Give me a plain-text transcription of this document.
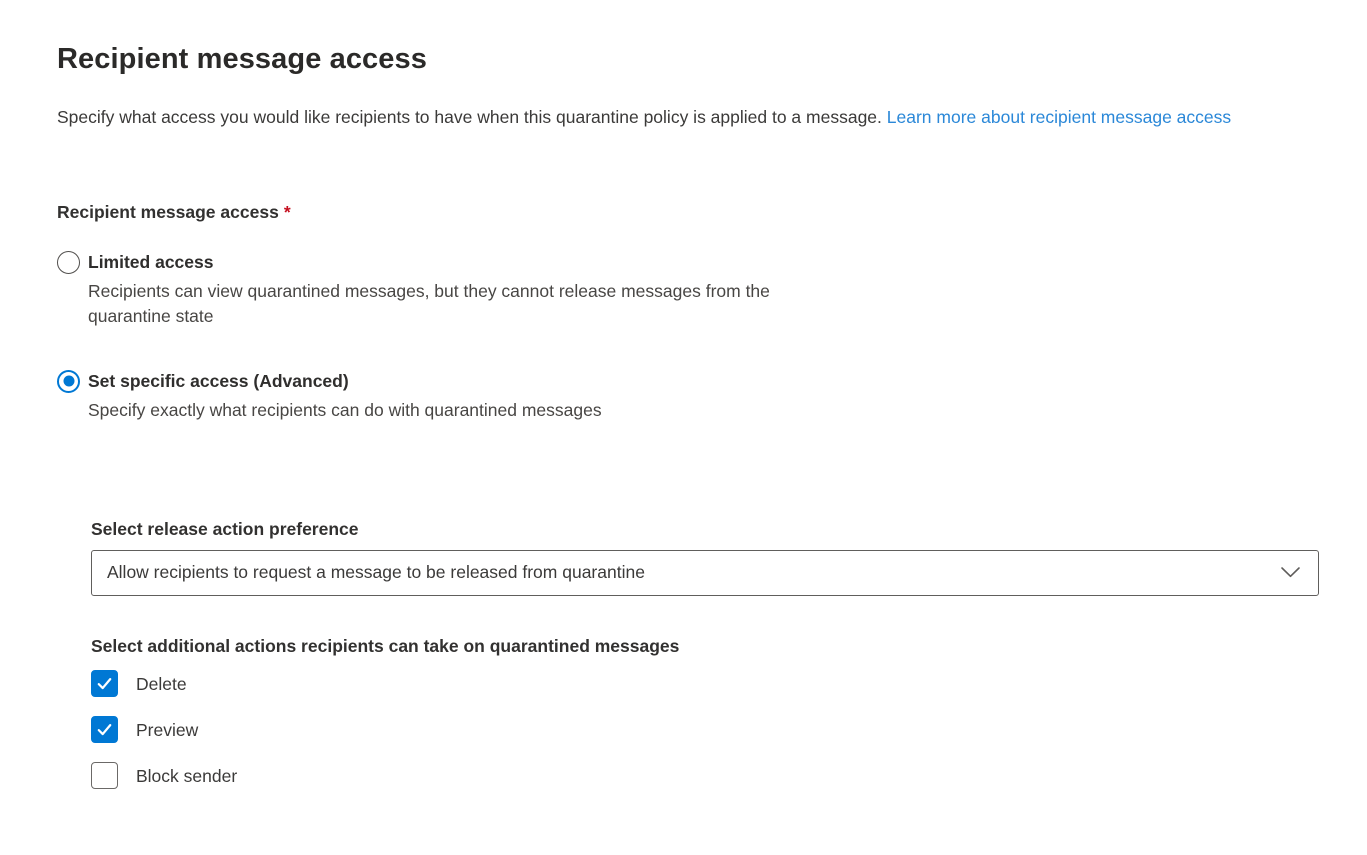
Recipient message access

Specify what access you would like recipients to have when this quarantine policy is applied to a message. Learn more about recipient message access

Recipient message access *
Limited access
Recipients can view quarantined messages, but they cannot release messages from the quarantine state
Set specific access (Advanced)
Specify exactly what recipients can do with quarantined messages
Select release action preference
Allow recipients to request a message to be released from quarantine
Select additional actions recipients can take on quarantined messages
Delete
Preview
Block sender
